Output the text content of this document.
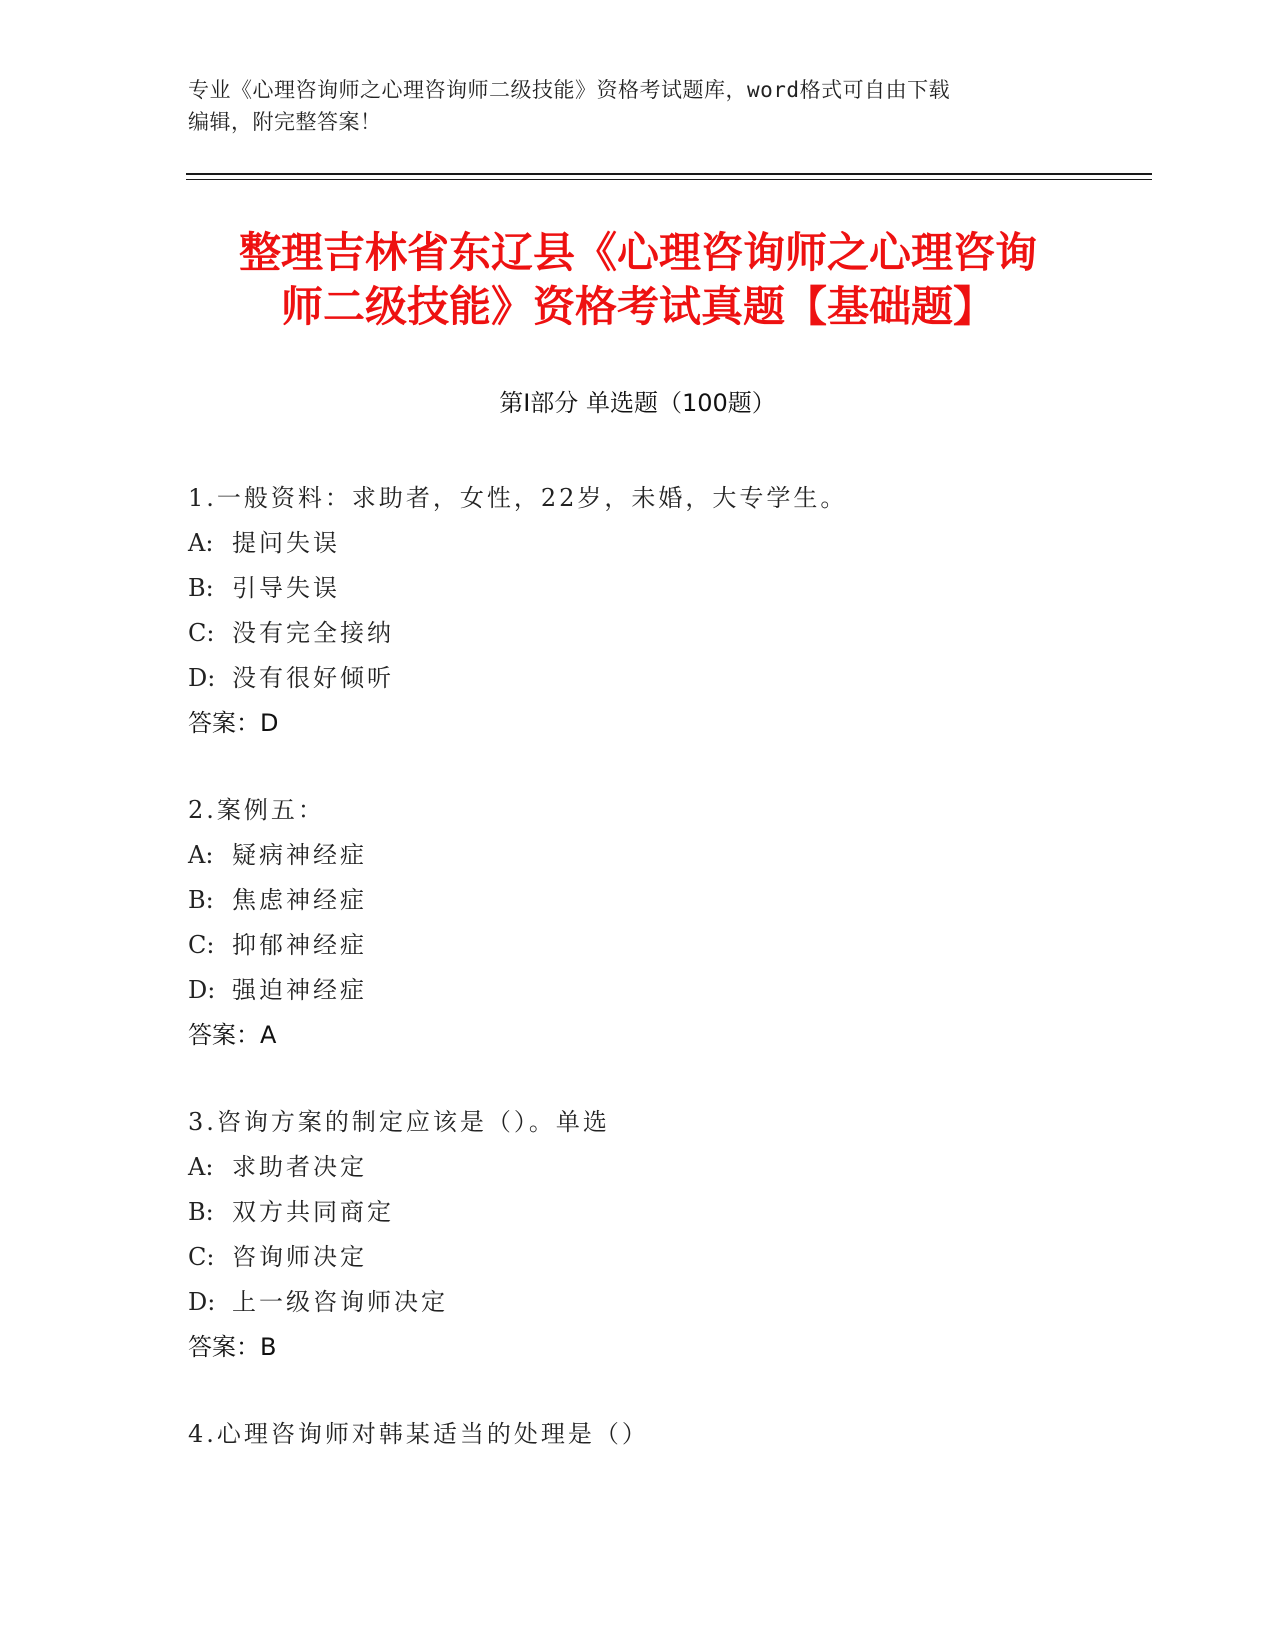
专业《心理咨询师之心理咨询师二级技能》资格考试题库，word格式可自由下载
编辑，附完整答案！
整理吉林省东辽县《心理咨询师之心理咨询
师二级技能》资格考试真题【基础题】
第Ⅰ部分 单选题（100题）
1.一般资料：求助者，女性，22岁，未婚，大专学生。
A: 提问失误
B: 引导失误
C: 没有完全接纳
D: 没有很好倾听
答案：D
2.案例五：
A: 疑病神经症
B: 焦虑神经症
C: 抑郁神经症
D: 强迫神经症
答案：A
3.咨询方案的制定应该是（）。单选
A: 求助者决定
B: 双方共同商定
C: 咨询师决定
D: 上一级咨询师决定
答案：B
4.心理咨询师对韩某适当的处理是（）
